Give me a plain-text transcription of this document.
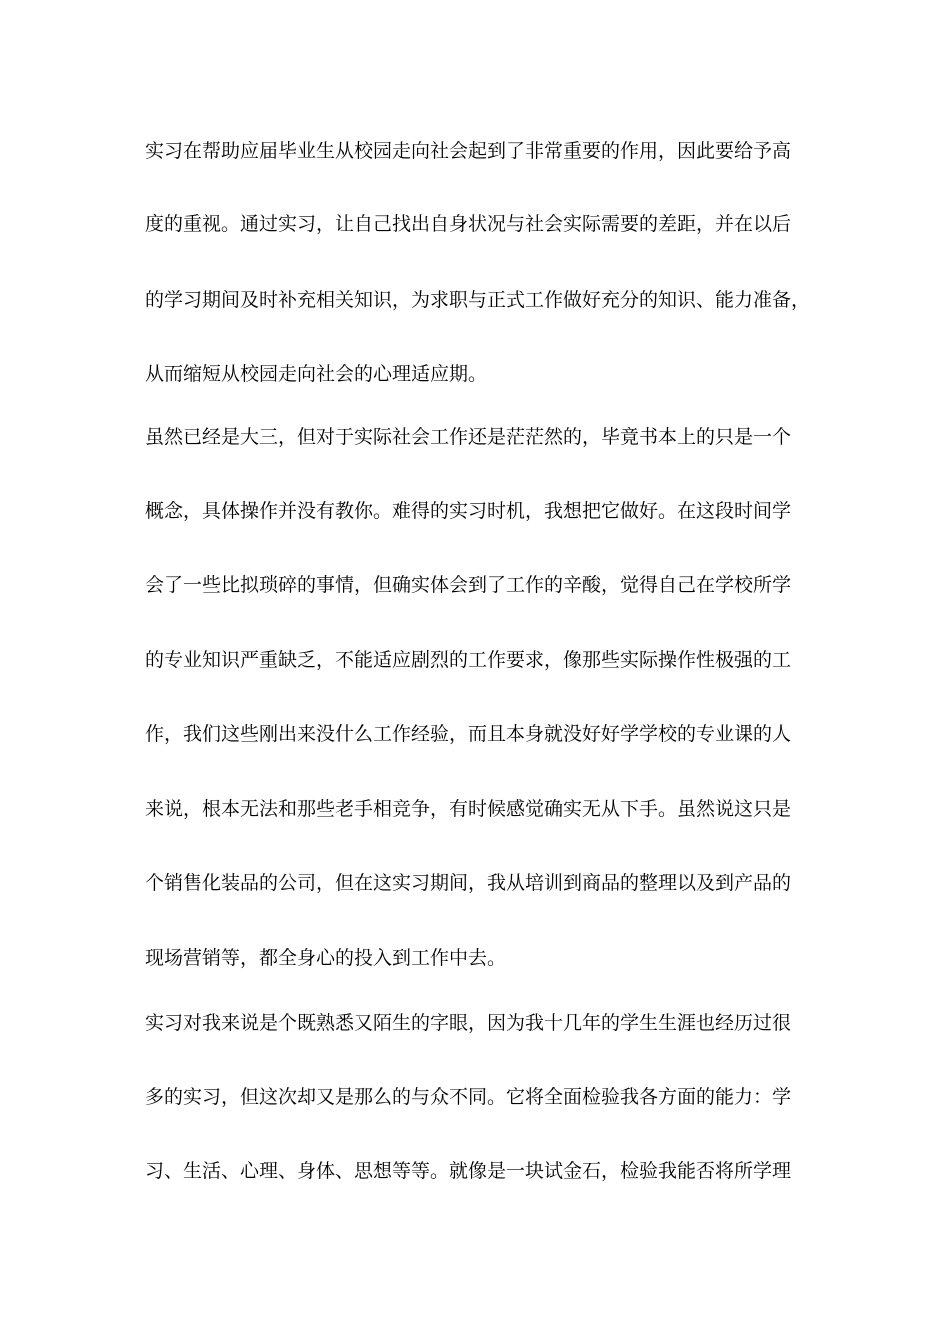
实习在帮助应届毕业生从校园走向社会起到了非常重要的作用，因此要给予高
度的重视。通过实习，让自己找出自身状况与社会实际需要的差距，并在以后
的学习期间及时补充相关知识，为求职与正式工作做好充分的知识、能力准备，
从而缩短从校园走向社会的心理适应期。
虽然已经是大三，但对于实际社会工作还是茫茫然的，毕竟书本上的只是一个
概念，具体操作并没有教你。难得的实习时机，我想把它做好。在这段时间学
会了一些比拟琐碎的事情，但确实体会到了工作的辛酸，觉得自己在学校所学
的专业知识严重缺乏，不能适应剧烈的工作要求，像那些实际操作性极强的工
作，我们这些刚出来没什么工作经验，而且本身就没好好学学校的专业课的人
来说，根本无法和那些老手相竞争，有时候感觉确实无从下手。虽然说这只是
个销售化装品的公司，但在这实习期间，我从培训到商品的整理以及到产品的
现场营销等，都全身心的投入到工作中去。
实习对我来说是个既熟悉又陌生的字眼，因为我十几年的学生生涯也经历过很
多的实习，但这次却又是那么的与众不同。它将全面检验我各方面的能力：学
习、生活、心理、身体、思想等等。就像是一块试金石，检验我能否将所学理
